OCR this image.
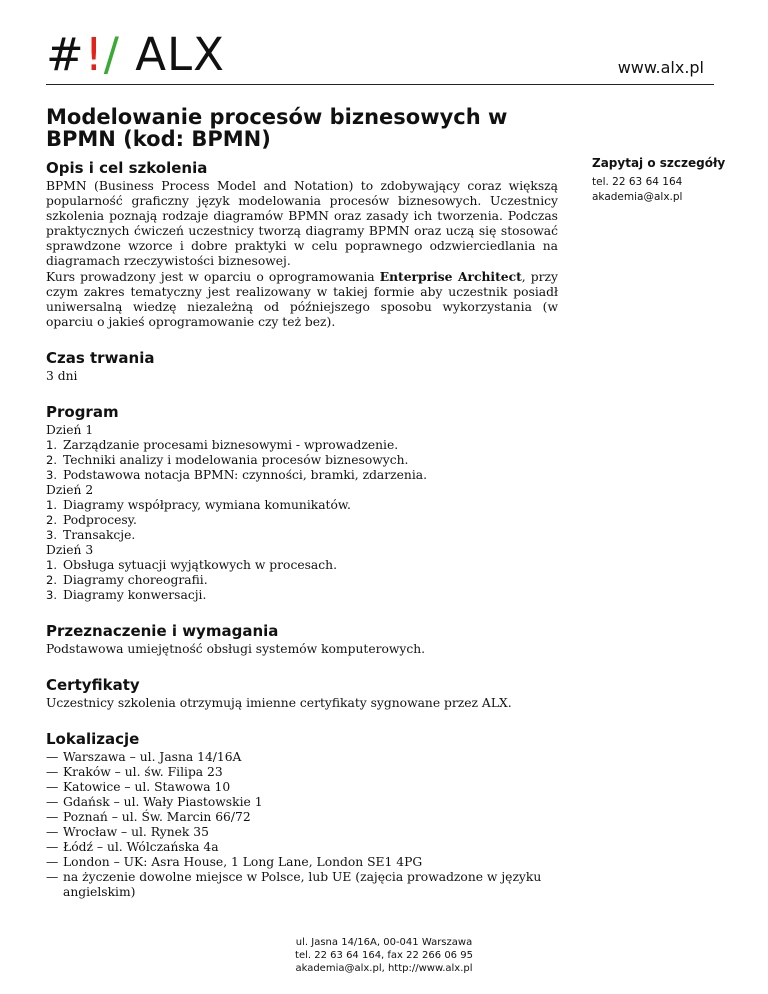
#!/ ALX	www.alx.pl
Modelowanie procesów biznesowych w BPMN (kod: BPMN)
Zapytaj o szczegóły
tel. 22 63 64 164
akademia@alx.pl
Opis i cel szkolenia

BPMN (Business Process Model and Notation) to zdobywający coraz większą popularność graficzny język modelowania procesów biznesowych. Uczestnicy szkolenia poznają rodzaje diagramów BPMN oraz zasady ich tworzenia. Podczas praktycznych ćwiczeń uczestnicy tworzą diagramy BPMN oraz uczą się stosować sprawdzone wzorce i dobre praktyki w celu poprawnego odzwierciedlania na diagramach rzeczywistości biznesowej.

Kurs prowadzony jest w oparciu o oprogramowania Enterprise Architect, przy czym zakres tematyczny jest realizowany w takiej formie aby uczestnik posiadł uniwersalną wiedzę niezależną od późniejszego sposobu wykorzystania (w oparciu o jakieś oprogramowanie czy też bez).

Czas trwania

3 dni

Program

Dzień 1

1. Zarządzanie procesami biznesowymi - wprowadzenie.
2. Techniki analizy i modelowania procesów biznesowych.
3. Podstawowa notacja BPMN: czynności, bramki, zdarzenia.

Dzień 2

1. Diagramy współpracy, wymiana komunikatów.
2. Podprocesy.
3. Transakcje.

Dzień 3

1. Obsługa sytuacji wyjątkowych w procesach.
2. Diagramy choreografii.
3. Diagramy konwersacji.
Przeznaczenie i wymagania

Podstawowa umiejętność obsługi systemów komputerowych.

Certyfikaty

Uczestnicy szkolenia otrzymują imienne certyfikaty sygnowane przez ALX.

Lokalizacje
— Warszawa – ul. Jasna 14/16A
— Kraków – ul. św. Filipa 23
— Katowice – ul. Stawowa 10
— Gdańsk – ul. Wały Piastowskie 1
— Poznań – ul. Św. Marcin 66/72
— Wrocław – ul. Rynek 35
— Łódź – ul. Wólczańska 4a
— London – UK: Asra House, 1 Long Lane, London SE1 4PG
— na życzenie dowolne miejsce w Polsce, lub UE (zajęcia prowadzone w języku angielskim)
ul. Jasna 14/16A, 00-041 Warszawa
tel. 22 63 64 164, fax 22 266 06 95
akademia@alx.pl, http://www.alx.pl
